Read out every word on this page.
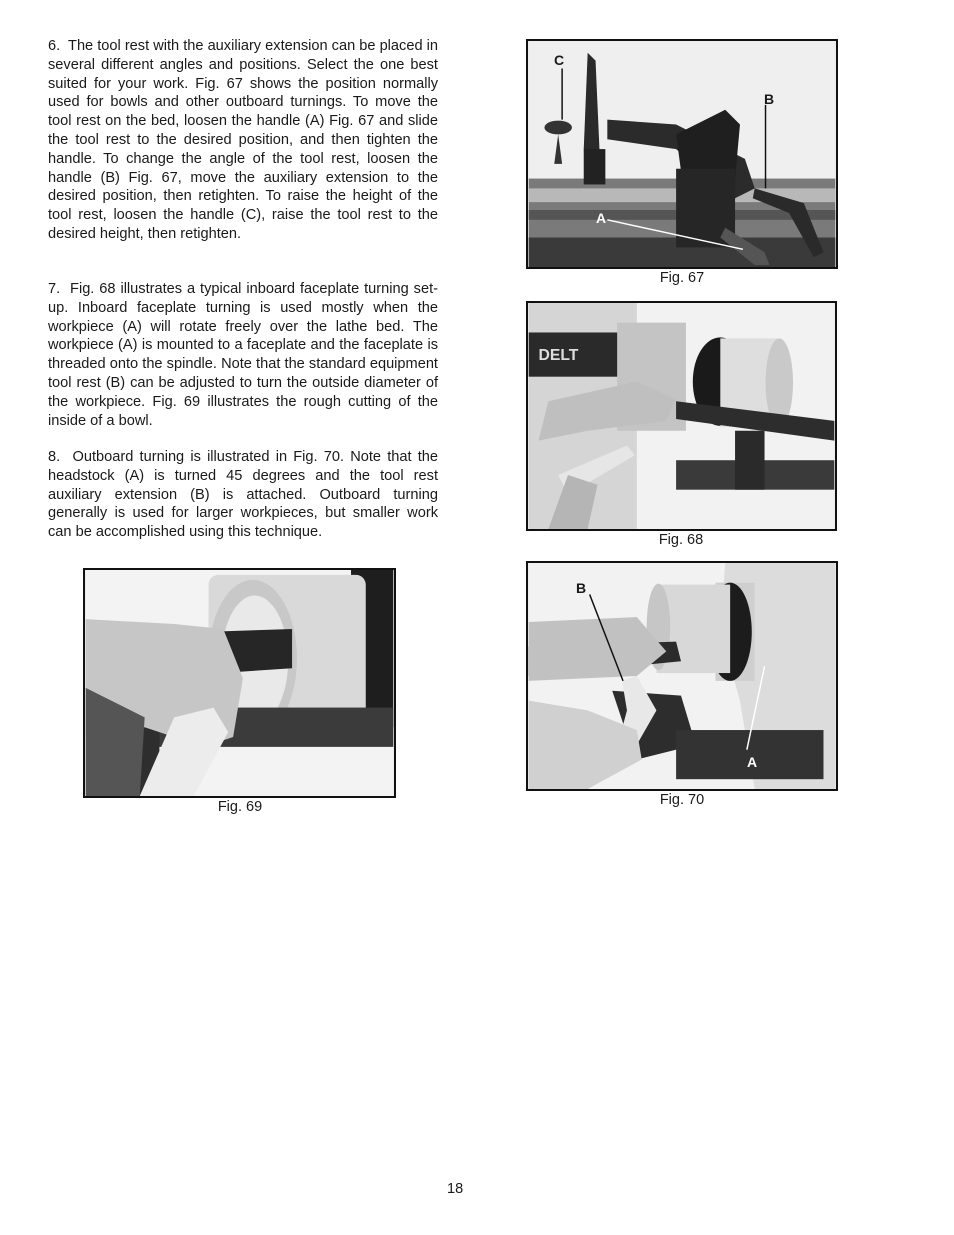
6. The tool rest with the auxiliary extension can be placed in several different angles and positions. Select the one best suited for your work. Fig. 67 shows the position normally used for bowls and other outboard turnings. To move the tool rest on the bed, loosen the handle (A) Fig. 67 and slide the tool rest to the desired position, and then tighten the handle. To change the angle of the tool rest, loosen the handle (B) Fig. 67, move the auxiliary extension to the desired position, then retighten. To raise the height of the tool rest, loosen the handle (C), raise the tool rest to the desired height, then retighten.

7. Fig. 68 illustrates a typical inboard faceplate turning set-up. Inboard faceplate turning is used mostly when the workpiece (A) will rotate freely over the lathe bed. The workpiece (A) is mounted to a faceplate and the faceplate is threaded onto the spindle. Note that the standard equipment tool rest (B) can be adjusted to turn the outside diameter of the workpiece. Fig. 69 illustrates the rough cutting of the inside of a bowl.

8. Outboard turning is illustrated in Fig. 70. Note that the headstock (A) is turned 45 degrees and the tool rest auxiliary extension (B) is attached. Outboard turning generally is used for larger workpieces, but smaller work can be accomplished using this technique.

C
B
A
Fig. 67
DELT
Fig. 68
Fig. 69
B
A
Fig. 70
18
